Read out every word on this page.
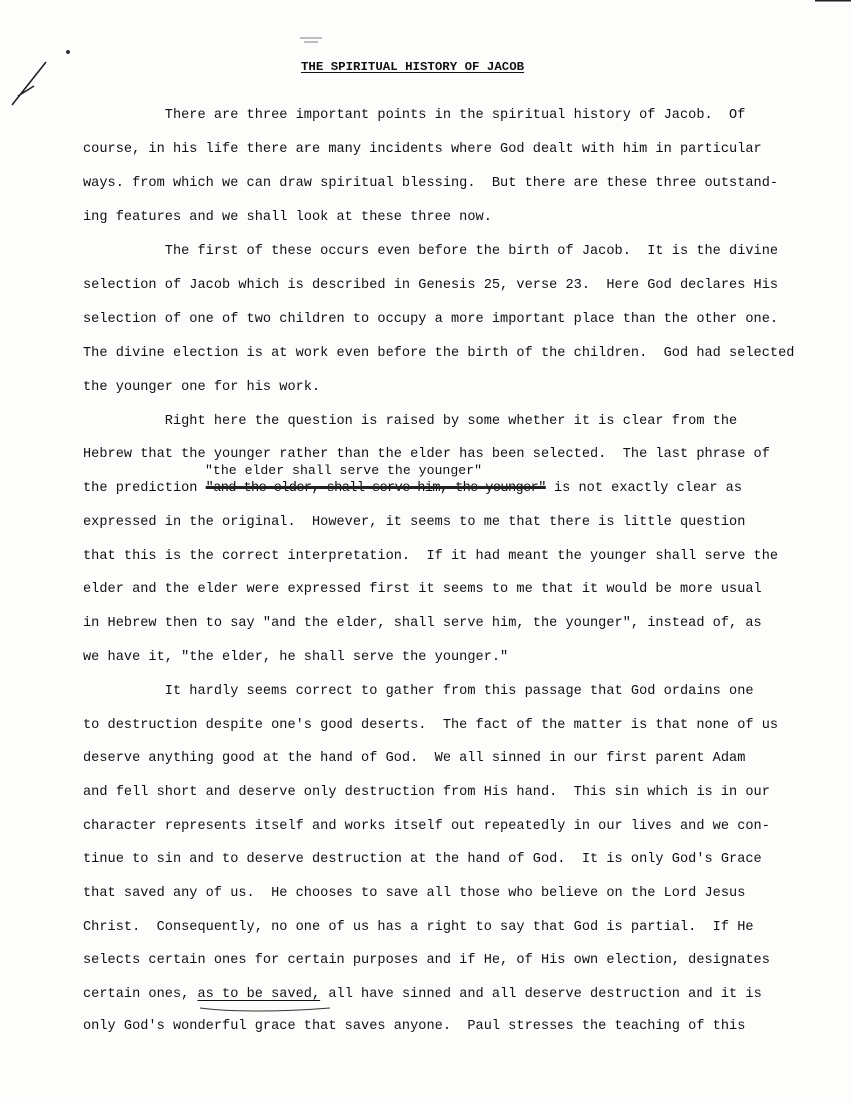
THE SPIRITUAL HISTORY OF JACOB
There are three important points in the spiritual history of Jacob.  Of
course, in his life there are many incidents where God dealt with him in particular
ways. from which we can draw spiritual blessing.  But there are these three outstand-
ing features and we shall look at these three now.
The first of these occurs even before the birth of Jacob.  It is the divine
selection of Jacob which is described in Genesis 25, verse 23.  Here God declares His
selection of one of two children to occupy a more important place than the other one.
The divine election is at work even before the birth of the children.  God had selected
the younger one for his work.
Right here the question is raised by some whether it is clear from the
Hebrew that the younger rather than the elder has been selected.  The last phrase of
"the elder shall serve the younger"
the prediction "and the elder, shall serve him, the younger" is not exactly clear as
expressed in the original.  However, it seems to me that there is little question
that this is the correct interpretation.  If it had meant the younger shall serve the
elder and the elder were expressed first it seems to me that it would be more usual
in Hebrew then to say "and the elder, shall serve him, the younger", instead of, as
we have it, "the elder, he shall serve the younger."
It hardly seems correct to gather from this passage that God ordains one
to destruction despite one's good deserts.  The fact of the matter is that none of us
deserve anything good at the hand of God.  We all sinned in our first parent Adam
and fell short and deserve only destruction from His hand.  This sin which is in our
character represents itself and works itself out repeatedly in our lives and we con-
tinue to sin and to deserve destruction at the hand of God.  It is only God's Grace
that saved any of us.  He chooses to save all those who believe on the Lord Jesus
Christ.  Consequently, no one of us has a right to say that God is partial.  If He
selects certain ones for certain purposes and if He, of His own election, designates
certain ones, as to be saved, all have sinned and all deserve destruction and it is
only God's wonderful grace that saves anyone.  Paul stresses the teaching of this
